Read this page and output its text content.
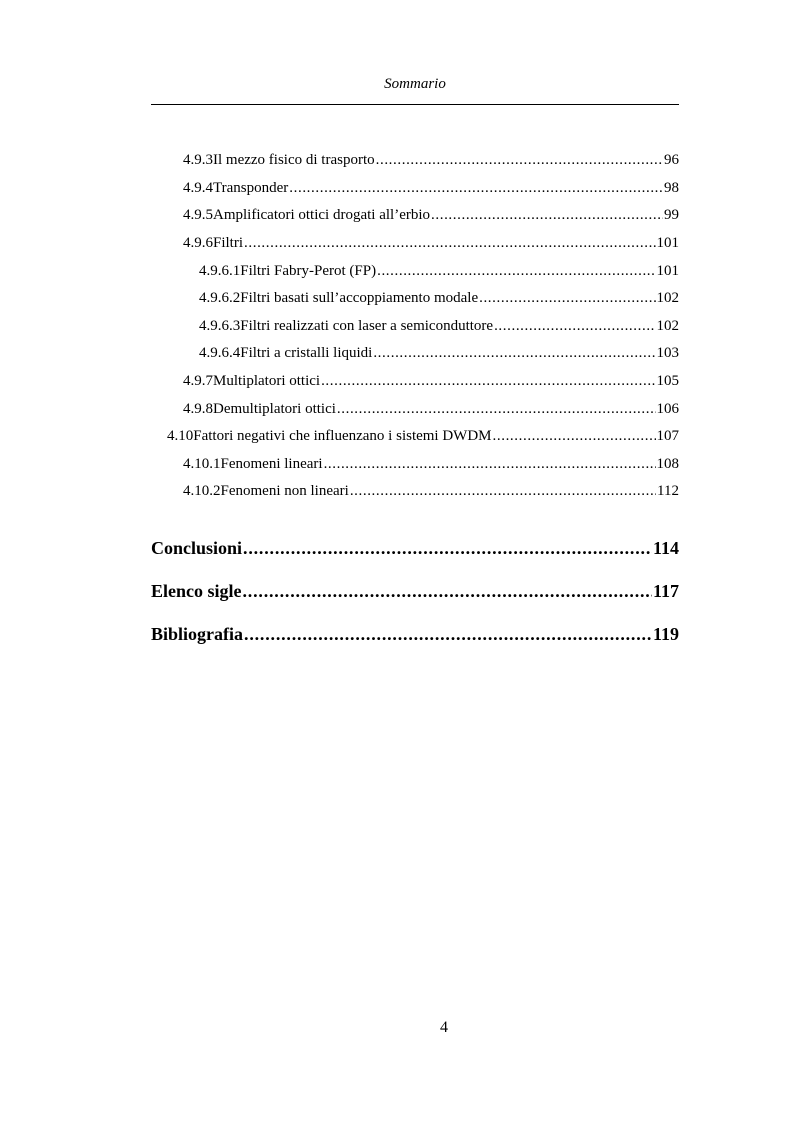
Sommario
4.9.3 Il mezzo fisico di trasporto .....	96
4.9.4 Transponder .....	98
4.9.5 Amplificatori ottici drogati all’erbio .....	99
4.9.6 Filtri .....	101
4.9.6.1 Filtri Fabry-Perot (FP) .....	101
4.9.6.2 Filtri basati sull’accoppiamento modale .....	102
4.9.6.3 Filtri realizzati con laser a semiconduttore .....	102
4.9.6.4 Filtri a cristalli liquidi .....	103
4.9.7 Multiplatori ottici .....	105
4.9.8 Demultiplatori ottici .....	106
4.10 Fattori negativi che influenzano i sistemi DWDM .....	107
4.10.1 Fenomeni lineari .....	108
4.10.2 Fenomeni non lineari .....	112
Conclusioni .....	114
Elenco sigle .....	117
Bibliografia .....	119
4
